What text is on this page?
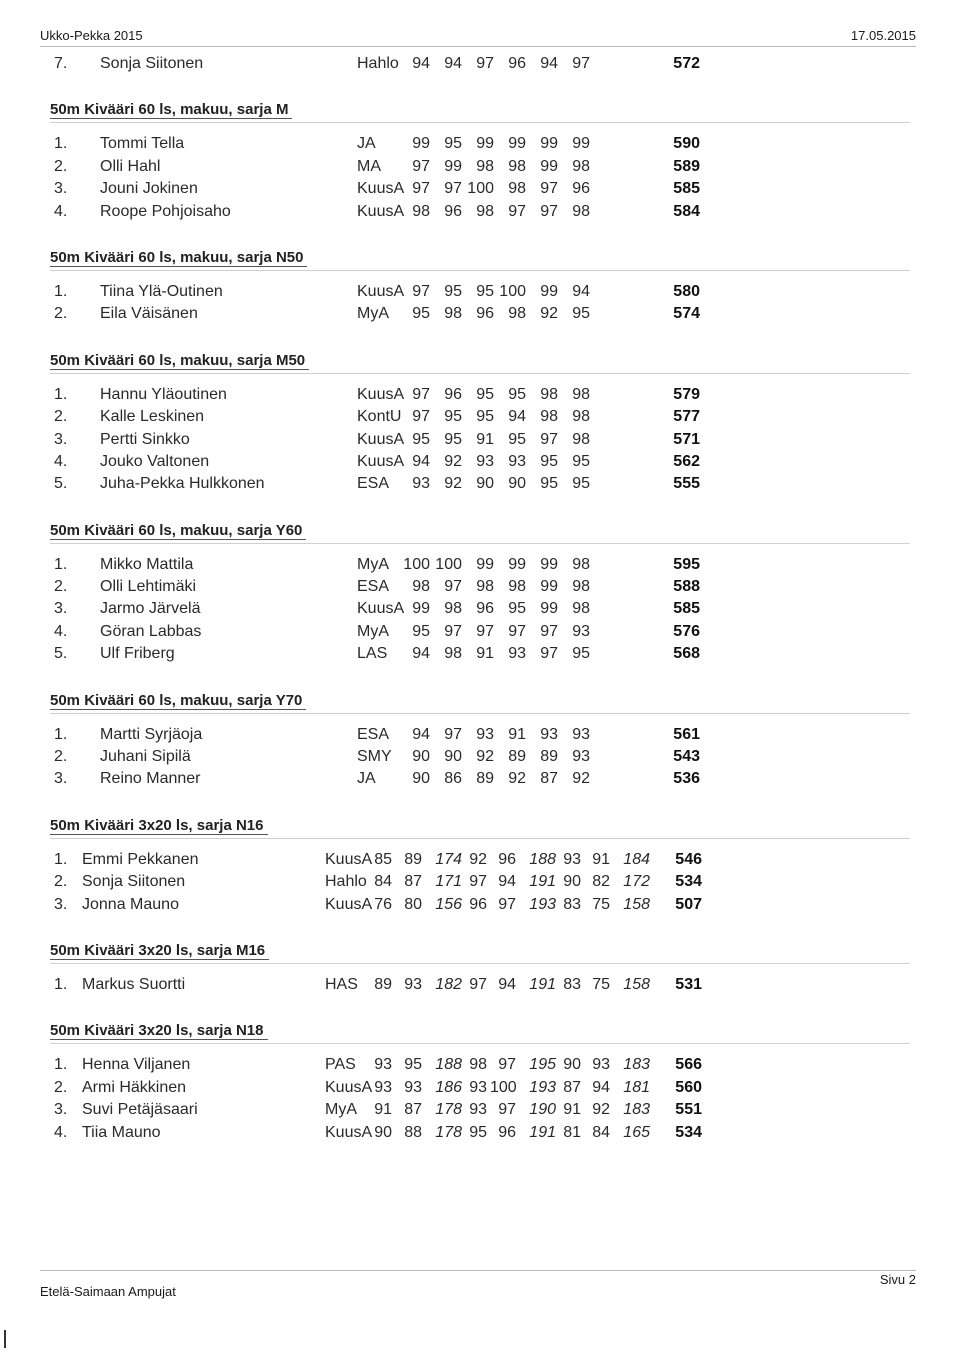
Ukko-Pekka 2015	17.05.2015
7.	Sonja Siitonen	Hahlo 94 94 97 96 94 97	572
50m Kivääri 60 ls, makuu, sarja M
1.	Tommi Tella	JA	99 95 99 99 99 99	590
2.	Olli Hahl	MA	97 99 98 98 99 98	589
3.	Jouni Jokinen	KuusA 97 97 100 98 97 96	585
4.	Roope Pohjoisaho	KuusA 98 96 98 97 97 98	584
50m Kivääri 60 ls, makuu, sarja N50
1.	Tiina Ylä-Outinen	KuusA 97 95 95 100 99 94	580
2.	Eila Väisänen	MyA	95 98 96 98 92 95	574
50m Kivääri 60 ls, makuu, sarja M50
1.	Hannu Yläoutinen	KuusA 97 96 95 95 98 98	579
2.	Kalle Leskinen	KontU 97 95 95 94 98 98	577
3.	Pertti Sinkko	KuusA 95 95 91 95 97 98	571
4.	Jouko Valtonen	KuusA 94 92 93 93 95 95	562
5.	Juha-Pekka Hulkkonen	ESA	93 92 90 90 95 95	555
50m Kivääri 60 ls, makuu, sarja Y60
1.	Mikko Mattila	MyA 100 100 99 99 99 98	595
2.	Olli Lehtimäki	ESA	98 97 98 98 99 98	588
3.	Jarmo Järvelä	KuusA 99 98 96 95 99 98	585
4.	Göran Labbas	MyA	95 97 97 97 97 93	576
5.	Ulf Friberg	LAS	94 98 91 93 97 95	568
50m Kivääri 60 ls, makuu, sarja Y70
1.	Martti Syrjäoja	ESA	94 97 93 91 93 93	561
2.	Juhani Sipilä	SMY	90 90 92 89 89 93	543
3.	Reino Manner	JA	90 86 89 92 87 92	536
50m Kivääri 3x20 ls, sarja N16
1. Emmi Pekkanen	KuusA 85 89 174 92 96 188 93 91 184	546
2. Sonja Siitonen	Hahlo 84 87 171 97 94 191 90 82 172	534
3. Jonna Mauno	KuusA 76 80 156 96 97 193 83 75 158	507
50m Kivääri 3x20 ls, sarja M16
1. Markus Suortti	HAS	89 93 182 97 94 191 83 75 158	531
50m Kivääri 3x20 ls, sarja N18
1. Henna Viljanen	PAS	93 95 188 98 97 195 90 93 183	566
2. Armi Häkkinen	KuusA 93 93 186 93 100 193 87 94 181	560
3. Suvi Petäjäsaari	MyA	91 87 178 93 97 190 91 92 183	551
4. Tiia Mauno	KuusA 90 88 178 95 96 191 81 84 165	534
Etelä-Saimaan Ampujat
Sivu 2
